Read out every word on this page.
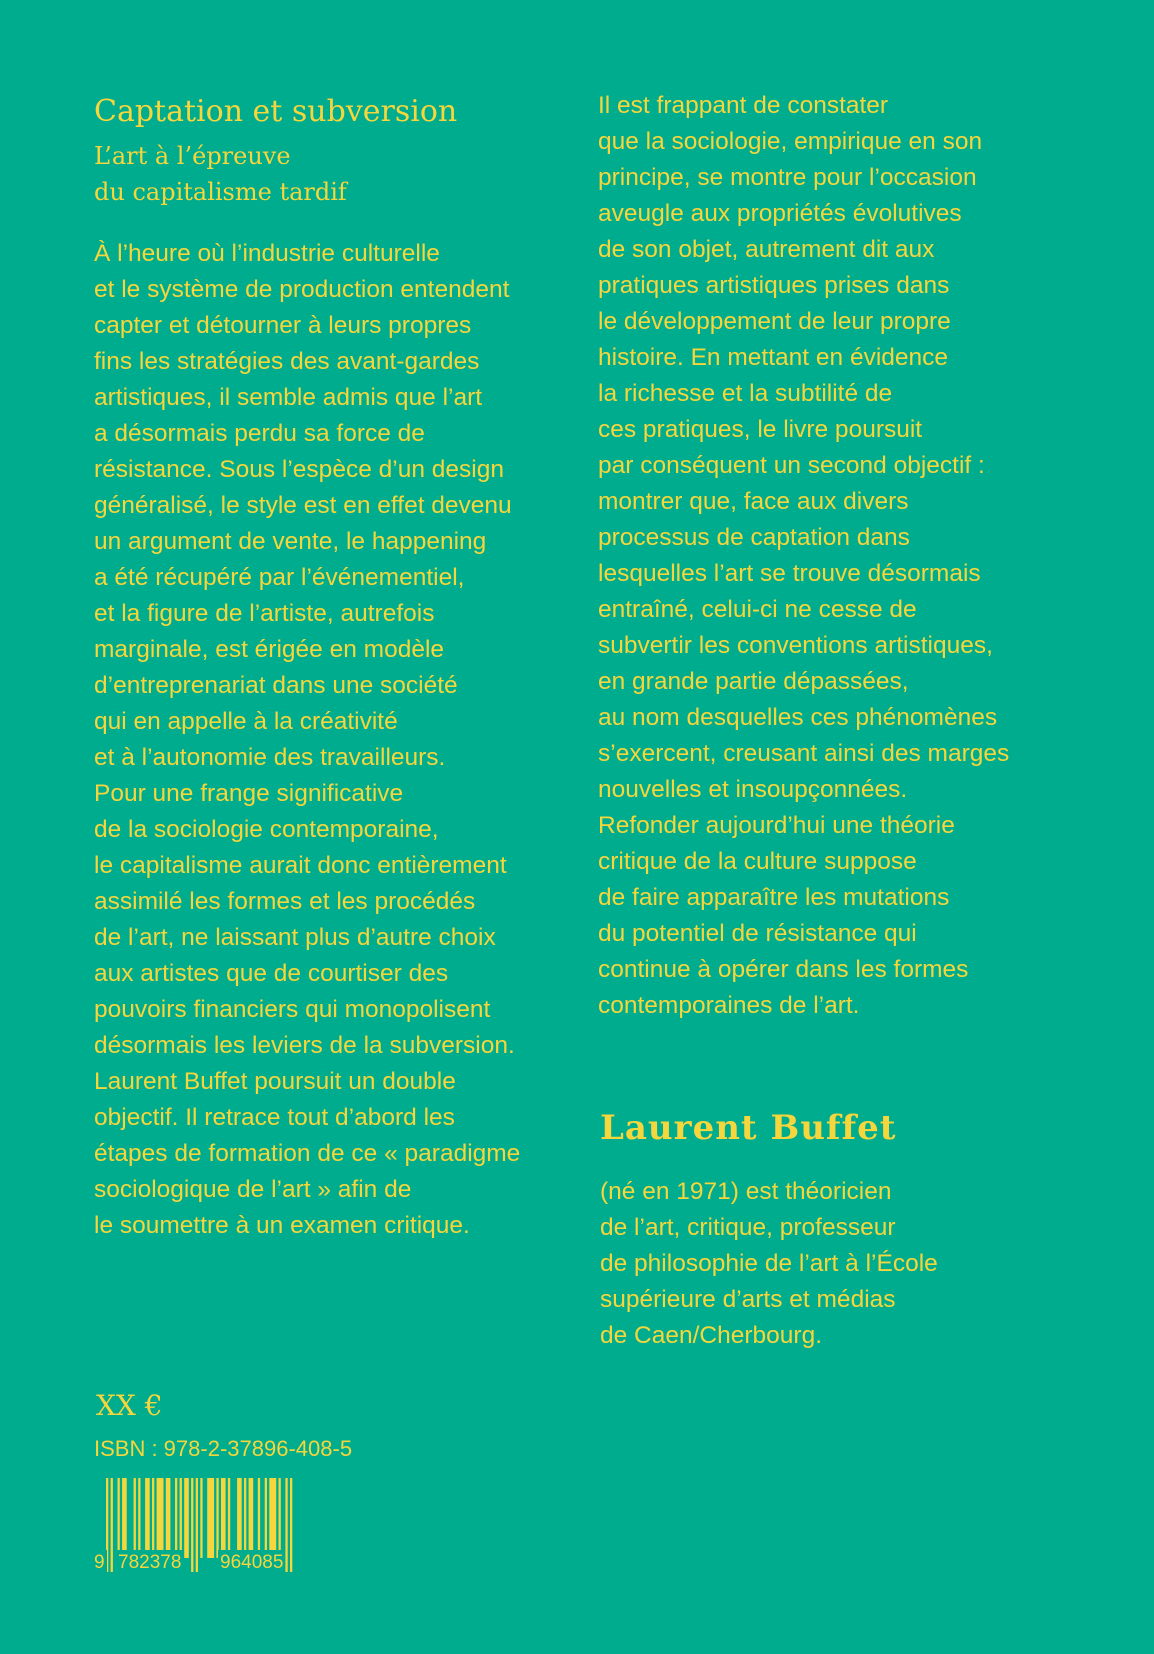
Captation et subversion
L’art à l’épreuve
du capitalisme tardif

À l’heure où l’industrie culturelle
et le système de production entendent
capter et détourner à leurs propres
fins les stratégies des avant-gardes
artistiques, il semble admis que l’art
a désormais perdu sa force de
résistance. Sous l’espèce d’un design
généralisé, le style est en effet devenu
un argument de vente, le happening
a été récupéré par l’événementiel,
et la figure de l’artiste, autrefois
marginale, est érigée en modèle
d’entreprenariat dans une société
qui en appelle à la créativité
et à l’autonomie des travailleurs.
Pour une frange significative
de la sociologie contemporaine,
le capitalisme aurait donc entièrement
assimilé les formes et les procédés
de l’art, ne laissant plus d’autre choix
aux artistes que de courtiser des
pouvoirs financiers qui monopolisent
désormais les leviers de la subversion.
Laurent Buffet poursuit un double
objectif. Il retrace tout d’abord les
étapes de formation de ce « paradigme
sociologique de l’art » afin de
le soumettre à un examen critique.

Il est frappant de constater
que la sociologie, empirique en son
principe, se montre pour l’occasion
aveugle aux propriétés évolutives
de son objet, autrement dit aux
pratiques artistiques prises dans
le développement de leur propre
histoire. En mettant en évidence
la richesse et la subtilité de
ces pratiques, le livre poursuit
par conséquent un second objectif :
montrer que, face aux divers
processus de captation dans
lesquelles l’art se trouve désormais
entraîné, celui-ci ne cesse de
subvertir les conventions artistiques,
en grande partie dépassées,
au nom desquelles ces phénomènes
s’exercent, creusant ainsi des marges
nouvelles et insoupçonnées.
Refonder aujourd’hui une théorie
critique de la culture suppose
de faire apparaître les mutations
du potentiel de résistance qui
continue à opérer dans les formes
contemporaines de l’art.

Laurent Buffet

(né en 1971) est théoricien
de l’art, critique, professeur
de philosophie de l’art à l’École
supérieure d’arts et médias
de Caen/Cherbourg.

XX €
ISBN : 978-2-37896-408-5
9 782378 964085
